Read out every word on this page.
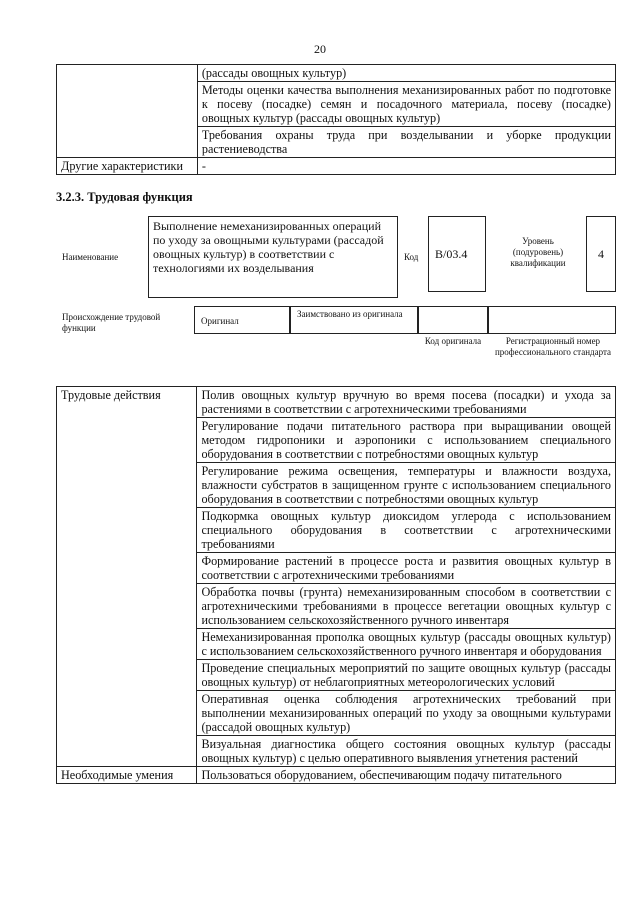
20
	(рассады овощных культур)
	Методы оценки качества выполнения механизированных работ по подготовке к посеву (посадке) семян и посадочного материала, посеву (посадке) овощных культур (рассады овощных культур)
	Требования охраны труда при возделывании и уборке продукции растениеводства
Другие характеристики	-
3.2.3. Трудовая функция
Наименование
Выполнение немеханизированных операций по уходу за овощными культурами (рассадой овощных культур) в соответствии с технологиями их возделывания
Код	B/03.4
Уровень (подуровень) квалификации
4
Происхождение трудовой функции
Оригинал
Заимствовано из оригинала
Код оригинала	Регистрационный номер профессионального стандарта
Трудовые действия	Полив овощных культур вручную во время посева (посадки) и ухода за растениями в соответствии с агротехническими требованиями
	Регулирование подачи питательного раствора при выращивании овощей методом гидропоники и аэропоники с использованием специального оборудования в соответствии с потребностями овощных культур
	Регулирование режима освещения, температуры и влажности воздуха, влажности субстратов в защищенном грунте с использованием специального оборудования в соответствии с потребностями овощных культур
	Подкормка овощных культур диоксидом углерода с использованием специального оборудования в соответствии с агротехническими требованиями
	Формирование растений в процессе роста и развития овощных культур в соответствии с агротехническими требованиями
	Обработка почвы (грунта) немеханизированным способом в соответствии с агротехническими требованиями в процессе вегетации овощных культур с использованием сельскохозяйственного ручного инвентаря
	Немеханизированная прополка овощных культур (рассады овощных культур) с использованием сельскохозяйственного ручного инвентаря и оборудования
	Проведение специальных мероприятий по защите овощных культур (рассады овощных культур) от неблагоприятных метеорологических условий
	Оперативная оценка соблюдения агротехнических требований при выполнении механизированных операций по уходу за овощными культурами (рассадой овощных культур)
	Визуальная диагностика общего состояния овощных культур (рассады овощных культур) с целью оперативного выявления угнетения растений
Необходимые умения	Пользоваться оборудованием, обеспечивающим подачу питательного
